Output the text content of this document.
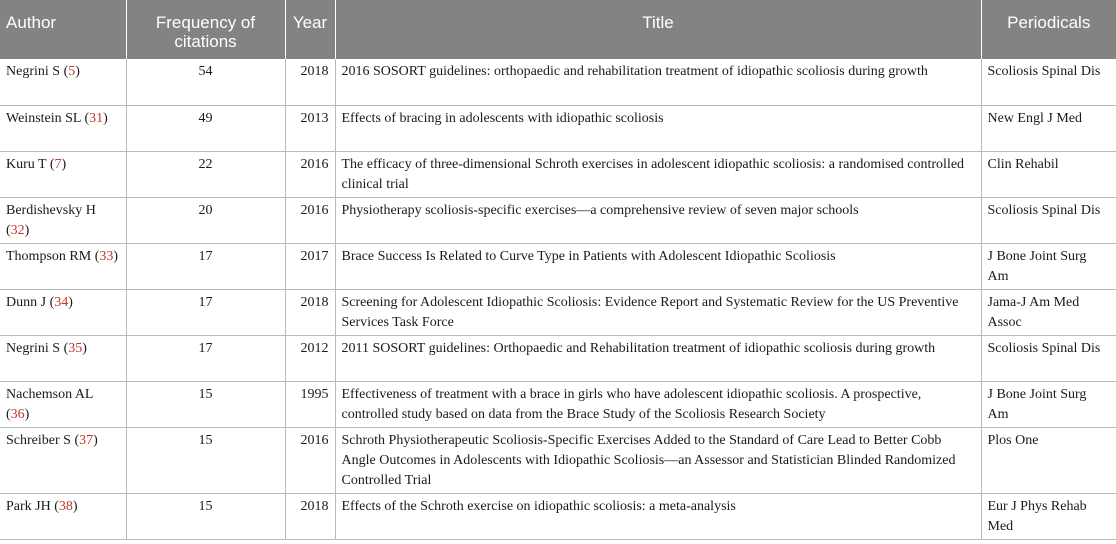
Author	Frequency of citations	Year	Title	Periodicals
Negrini S (5)	54	2018	2016 SOSORT guidelines: orthopaedic and rehabilitation treatment of idiopathic scoliosis during growth	Scoliosis Spinal Dis
Weinstein SL (31)	49	2013	Effects of bracing in adolescents with idiopathic scoliosis	New Engl J Med
Kuru T (7)	22	2016	The efficacy of three-dimensional Schroth exercises in adolescent idiopathic scoliosis: a randomised controlled clinical trial	Clin Rehabil
Berdishevsky H (32)	20	2016	Physiotherapy scoliosis-specific exercises—a comprehensive review of seven major schools	Scoliosis Spinal Dis
Thompson RM (33)	17	2017	Brace Success Is Related to Curve Type in Patients with Adolescent Idiopathic Scoliosis	J Bone Joint Surg Am
Dunn J (34)	17	2018	Screening for Adolescent Idiopathic Scoliosis: Evidence Report and Systematic Review for the US Preventive Services Task Force	Jama-J Am Med Assoc
Negrini S (35)	17	2012	2011 SOSORT guidelines: Orthopaedic and Rehabilitation treatment of idiopathic scoliosis during growth	Scoliosis Spinal Dis
Nachemson AL (36)	15	1995	Effectiveness of treatment with a brace in girls who have adolescent idiopathic scoliosis. A prospective, controlled study based on data from the Brace Study of the Scoliosis Research Society	J Bone Joint Surg Am
Schreiber S (37)	15	2016	Schroth Physiotherapeutic Scoliosis-Specific Exercises Added to the Standard of Care Lead to Better Cobb Angle Outcomes in Adolescents with Idiopathic Scoliosis—an Assessor and Statistician Blinded Randomized Controlled Trial	Plos One
Park JH (38)	15	2018	Effects of the Schroth exercise on idiopathic scoliosis: a meta-analysis	Eur J Phys Rehab Med
